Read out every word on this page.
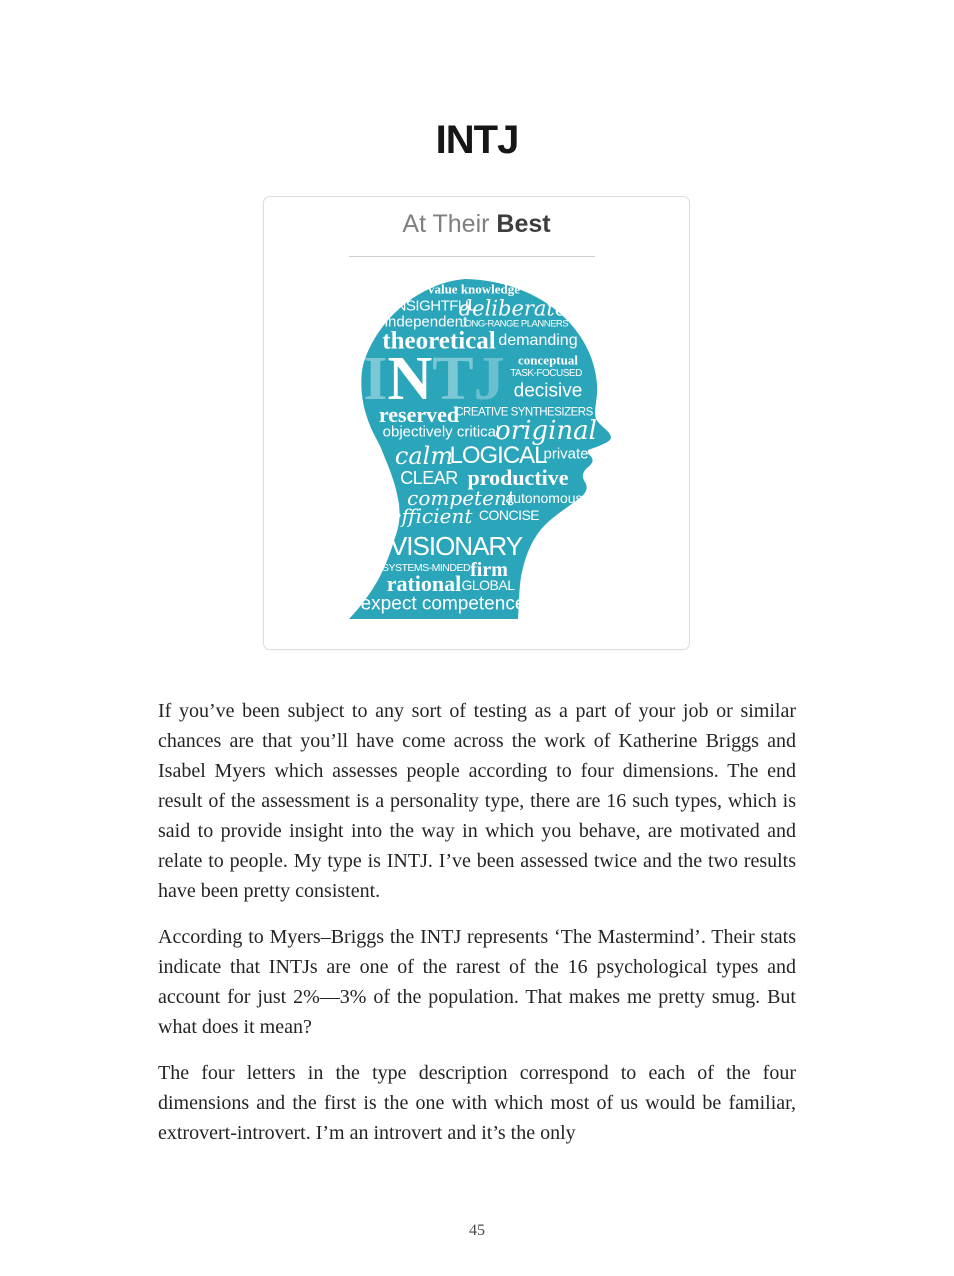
INTJ
At Their Best
INTJ
value knowledge
INSIGHTFUL
deliberate
independent
LONG-RANGE PLANNERS
theoretical demanding
conceptual
TASK-FOCUSED
decisive
reserved
CREATIVE SYNTHESIZERS
objectively critical
original
calm
LOGICAL
private
CLEAR productive
competent
autonomous
efficient CONCISE
VISIONARY
SYSTEMS-MINDED firm
rational GLOBAL
expect competence

If you’ve been subject to any sort of testing as a part of your job or similar chances are that you’ll have come across the work of Katherine Briggs and Isabel Myers which assesses people according to four dimensions. The end result of the assessment is a personality type, there are 16 such types, which is said to provide insight into the way in which you behave, are motivated and relate to people. My type is INTJ. I’ve been assessed twice and the two results have been pretty consistent.

According to Myers–Briggs the INTJ represents ‘The Mastermind’. Their stats indicate that INTJs are one of the rarest of the 16 psychological types and account for just 2%—3% of the population. That makes me pretty smug. But what does it mean?

The four letters in the type description correspond to each of the four dimensions and the first is the one with which most of us would be familiar, extrovert-introvert. I’m an introvert and it’s the only

45
